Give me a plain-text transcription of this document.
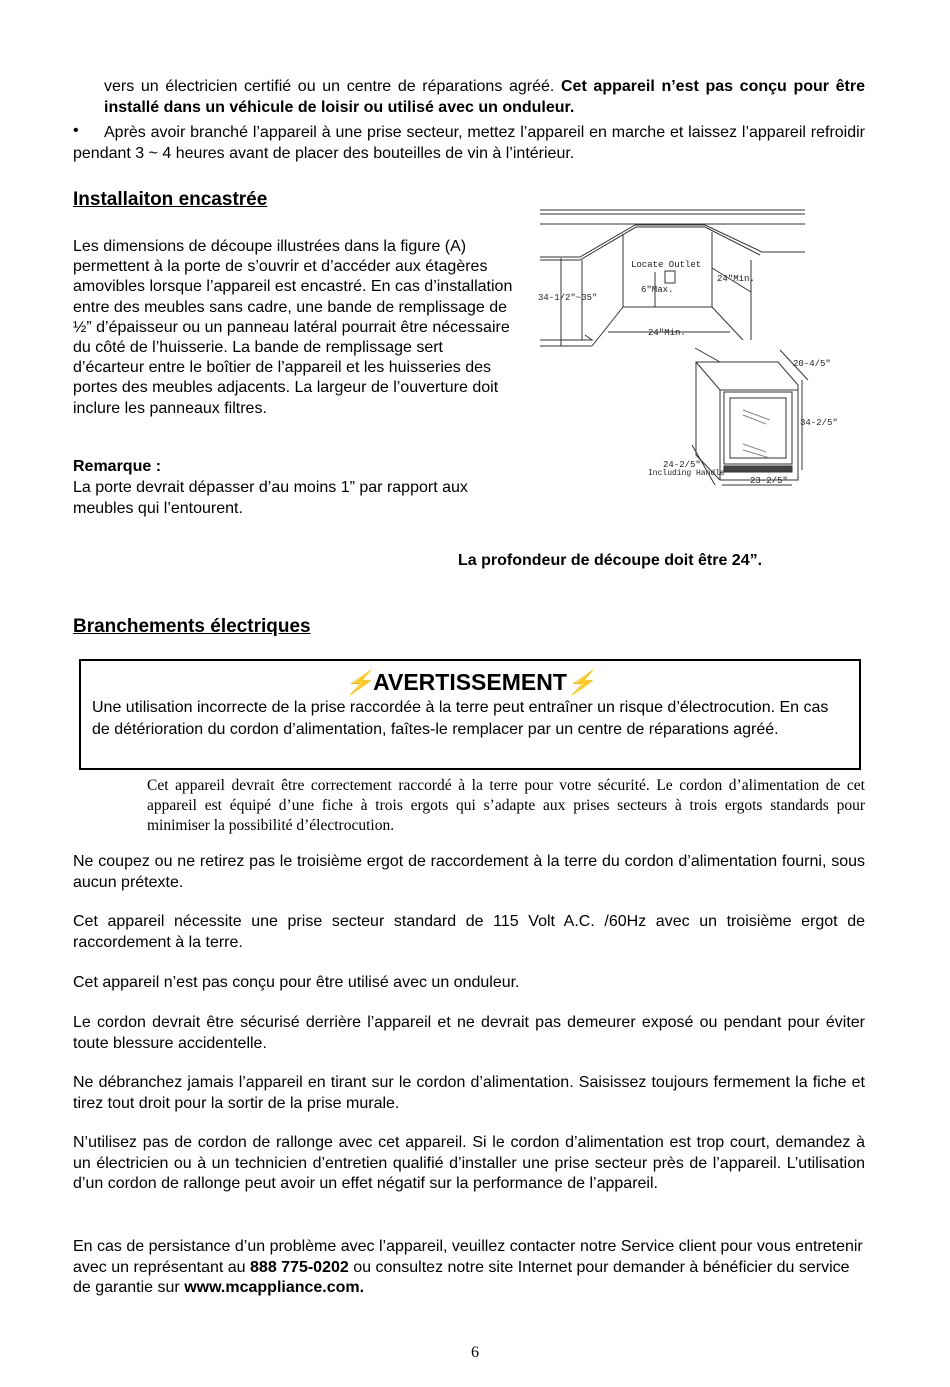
vers un électricien certifié ou un centre de réparations agréé. Cet appareil n’est pas conçu pour être installé dans un véhicule de loisir ou utilisé avec un onduleur.

•	Après avoir branché l’appareil à une prise secteur, mettez l’appareil en marche et laissez l’appareil refroidir pendant 3 ~ 4 heures avant de placer des bouteilles de vin à l’intérieur.

Installaiton encastrée

Les dimensions de découpe illustrées dans la figure (A) permettent à la porte de s’ouvrir et d’accéder aux étagères amovibles lorsque l’appareil est encastré. En cas d’installation entre des meubles sans cadre, une bande de remplissage de ½” d’épaisseur ou un panneau latéral pourrait être nécessaire du côté de l’huisserie. La bande de remplissage sert d’écarteur entre le boîtier de l’appareil et les huisseries des portes des meubles adjacents. La largeur de l’ouverture doit inclure les panneaux filtres.

Remarque :

La porte devrait dépasser d’au moins 1” par rapport aux meubles qui l’entourent.

La profondeur de découpe doit être 24”.
Locate Outlet
6"Max.
34-1/2"~35"
24"Min.
24"Min.
20-4/5"
34-2/5"
24-2/5"
Including Handle
23-2/5"
Branchements électriques
⚡AVERTISSEMENT⚡

Une utilisation incorrecte de la prise raccordée à la terre peut entraîner un risque d’électrocution. En cas de détérioration du cordon d’alimentation, faîtes-le remplacer par un centre de réparations agréé.

Cet appareil devrait être correctement raccordé à la terre pour votre sécurité. Le cordon d’alimentation de cet appareil est équipé d’une fiche à trois ergots qui s’adapte aux prises secteurs à trois ergots standards pour minimiser la possibilité d’électrocution.

Ne coupez ou ne retirez pas le troisième ergot de raccordement à la terre du cordon d’alimentation fourni, sous aucun prétexte.

Cet appareil nécessite une prise secteur standard de 115 Volt A.C. /60Hz avec un troisième ergot de raccordement à la terre.

Cet appareil n’est pas conçu pour être utilisé avec un onduleur.

Le cordon devrait être sécurisé derrière l’appareil et ne devrait pas demeurer exposé ou pendant pour éviter toute blessure accidentelle.

Ne débranchez jamais l’appareil en tirant sur le cordon d’alimentation. Saisissez toujours fermement la fiche et tirez tout droit pour la sortir de la prise murale.

N’utilisez pas de cordon de rallonge avec cet appareil. Si le cordon d’alimentation est trop court, demandez à un électricien ou à un technicien d’entretien qualifié d’installer une prise secteur près de l’appareil. L’utilisation d’un cordon de rallonge peut avoir un effet négatif sur la performance de l’appareil.

En cas de persistance d’un problème avec l’appareil, veuillez contacter notre Service client pour vous entretenir avec un représentant au 888 775-0202 ou consultez notre site Internet pour demander à bénéficier du service de garantie sur www.mcappliance.com.

6
